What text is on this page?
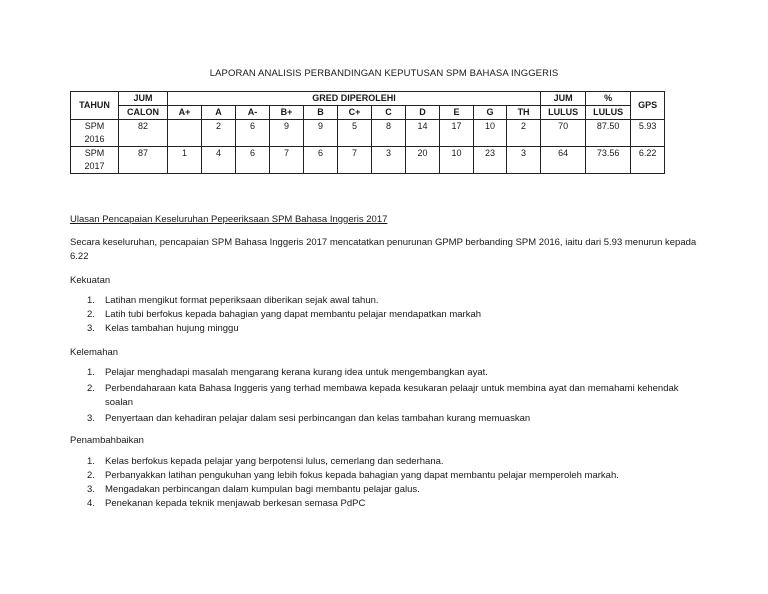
LAPORAN ANALISIS PERBANDINGAN KEPUTUSAN SPM BAHASA INGGERIS
TAHUN	JUM	GRED DIPEROLEHI											JUM	%	GPS
	CALON	A+	A	A-	B+	B	C+	C	D	E	G	TH	LULUS	LULUS	
SPM
2016	82		2	6	9	9	5	8	14	17	10	2	70	87.50	5.93
SPM
2017	87	1	4	6	7	6	7	3	20	10	23	3	64	73.56	6.22
Ulasan Pencapaian Keseluruhan Pepeeriksaan SPM Bahasa Inggeris 2017
Secara keseluruhan, pencapaian SPM Bahasa Inggeris 2017 mencatatkan penurunan GPMP berbanding SPM 2016, iaitu dari 5.93 menurun kepada 6.22
Kekuatan
1. Latihan mengikut format peperiksaan diberikan sejak awal tahun.
2. Latih tubi berfokus kepada bahagian yang dapat membantu pelajar mendapatkan markah
3. Kelas tambahan hujung minggu
Kelemahan
1. Pelajar menghadapi masalah mengarang kerana kurang idea untuk mengembangkan ayat.
2. Perbendaharaan kata Bahasa Inggeris yang terhad membawa kepada kesukaran pelaajr untuk membina ayat dan memahami kehendak soalan
3. Penyertaan dan kehadiran pelajar dalam sesi perbincangan dan kelas tambahan kurang memuaskan
Penambahbaikan
1. Kelas berfokus kepada pelajar yang berpotensi lulus, cemerlang dan sederhana.
2. Perbanyakkan latihan pengukuhan yang lebih fokus kepada bahagian yang dapat membantu pelajar memperoleh markah.
3. Mengadakan perbincangan dalam kumpulan bagi membantu pelajar galus.
4. Penekanan kepada teknik menjawab berkesan semasa PdPC
